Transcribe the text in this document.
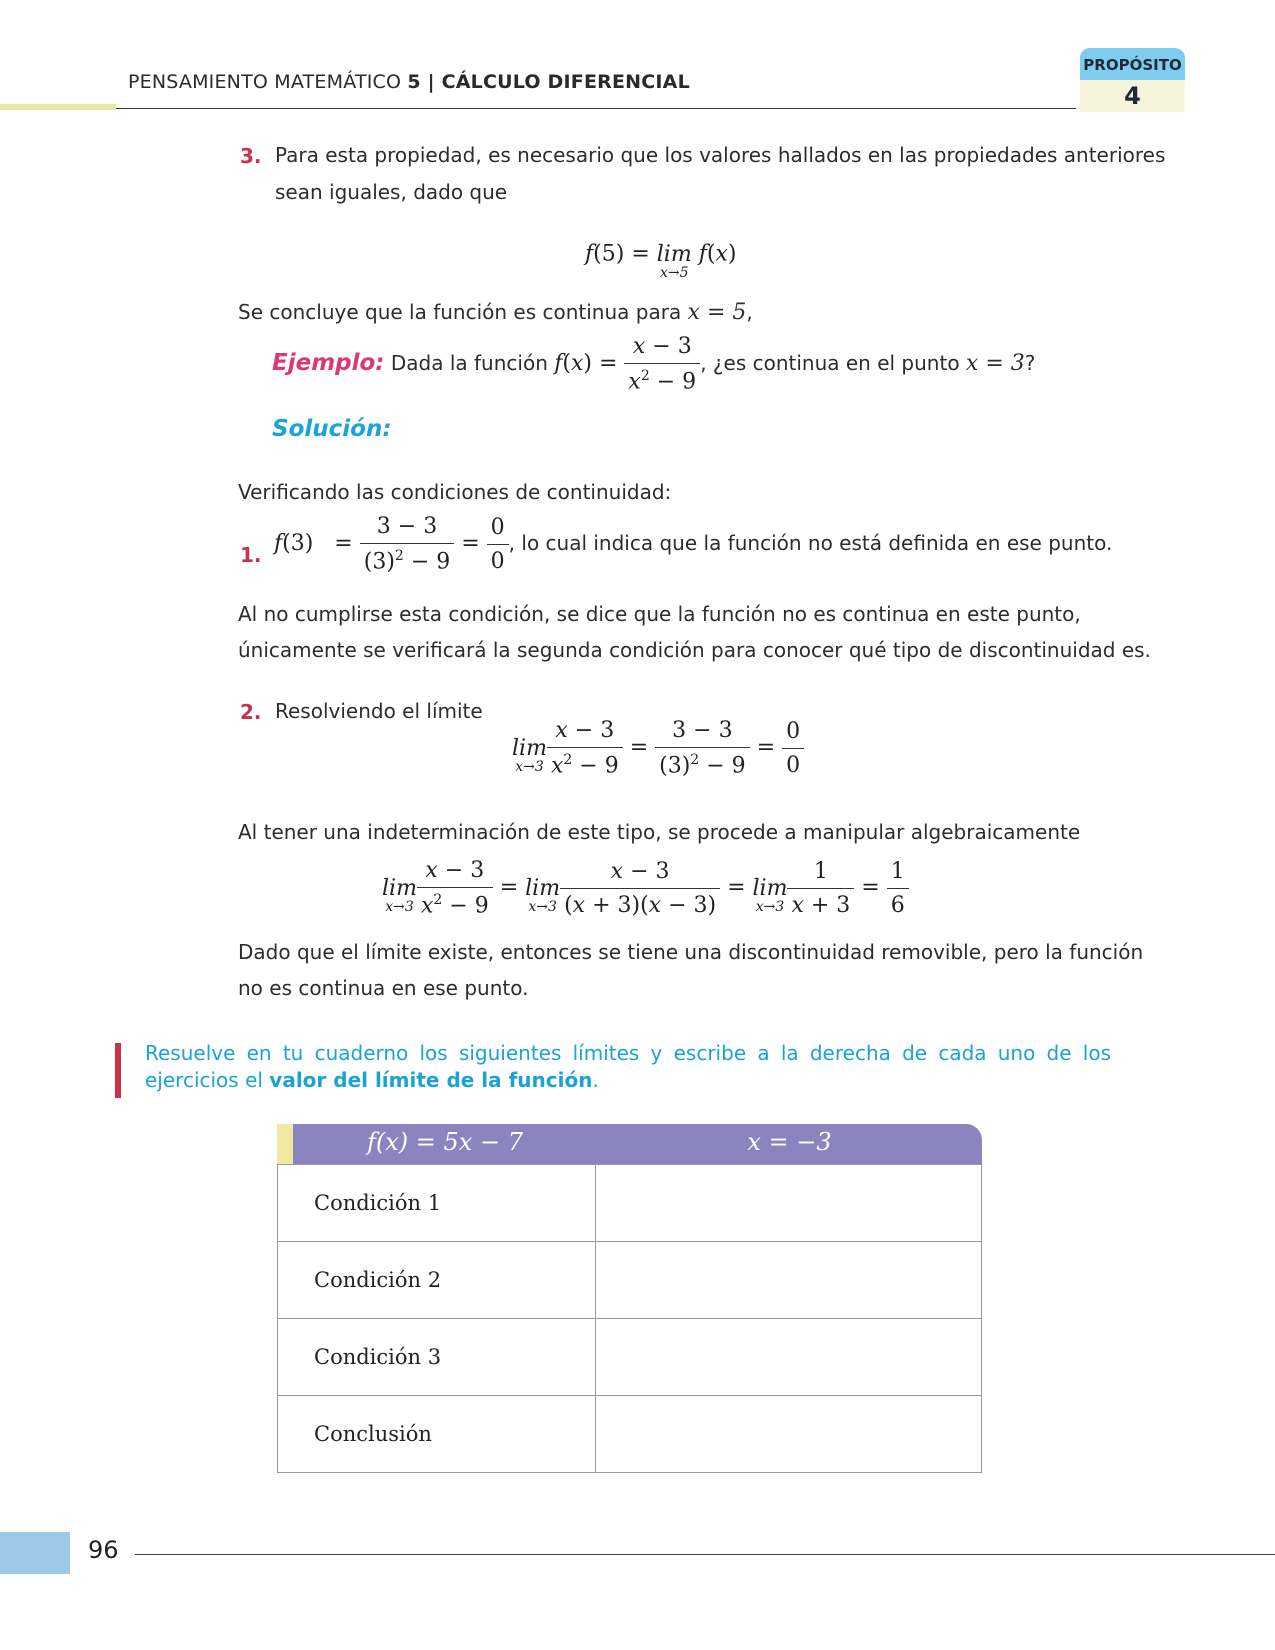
PENSAMIENTO MATEMÁTICO 5 | CÁLCULO DIFERENCIAL
PROPÓSITO
4
3. Para esta propiedad, es necesario que los valores hallados en las propiedades anteriores
sean iguales, dado que
f(5) = lim
x→5
f(x)
Se concluye que la función es continua para x = 5,
Ejemplo: Dada la función $f(x) = \frac{x - 3}{x^2 - 9}$ , ¿es continua en el punto x = 3?
Solución:
Verificando las condiciones de continuidad:
1. $f(3) = \frac{3 - 3}{(3)^2 - 9} = \frac{0}{0}$ , lo cual indica que la función no está definida en ese punto.
Al no cumplirse esta condición, se dice que la función no es continua en este punto,
únicamente se verificará la segunda condición para conocer qué tipo de discontinuidad es.
2. Resolviendo el límite
lim
$x\to 3 \frac{x - 3}{x^2 - 9} = \frac{3 - 3}{(3)^2 - 9} = \frac{0}{0}$
Al tener una indeterminación de este tipo, se procede a manipular algebraicamente
lim
$x\to 3 \frac{x - 3}{x^2 - 9} = \lim$
$x\to 3 \frac{x - 3}{(x + 3)(x - 3)} = \lim$
$x\to 3 \frac{1}{x + 3} = \frac{1}{6}$
Dado que el límite existe, entonces se tiene una discontinuidad removible, pero la función
no es continua en ese punto.
Resuelve en tu cuaderno los siguientes límites y escribe a la derecha de cada uno de los ejercicios el valor del límite de la función.
f(x) = 5x − 7	x = −3
Condición 1	
Condición 2	
Condición 3	
Conclusión	
96
